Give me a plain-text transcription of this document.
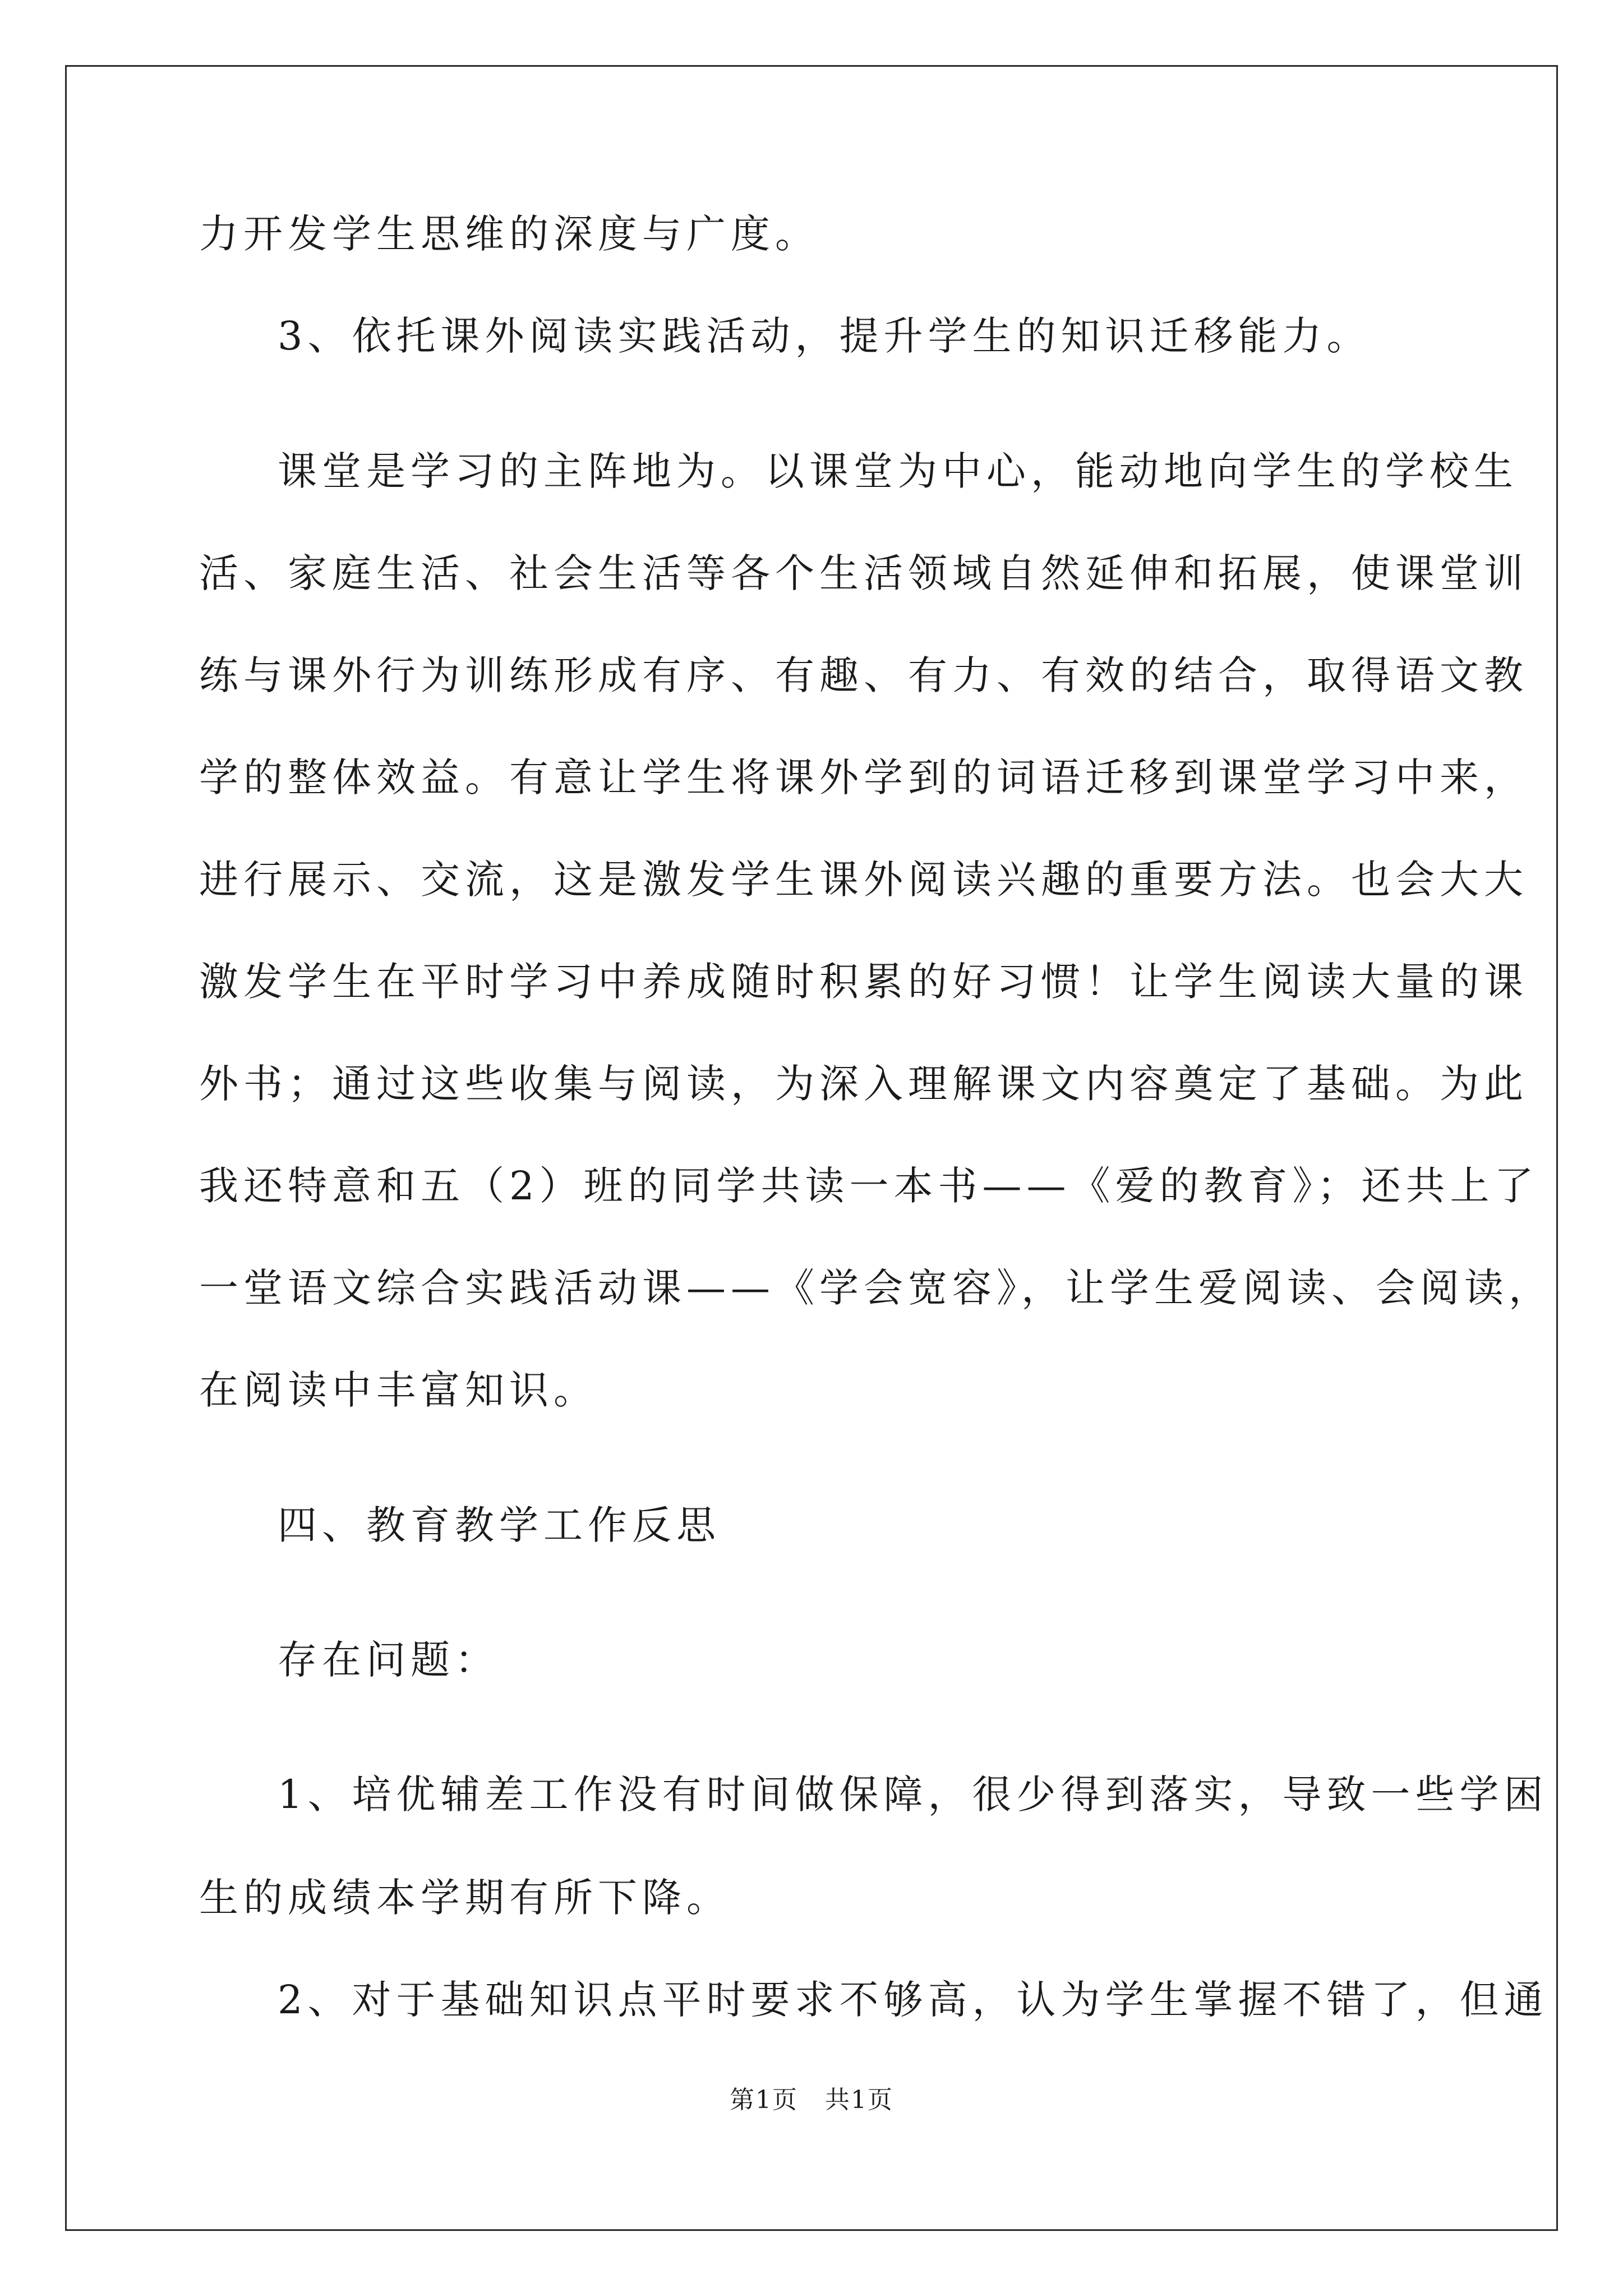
力开发学生思维的深度与广度。
3、依托课外阅读实践活动，提升学生的知识迁移能力。
课堂是学习的主阵地为。以课堂为中心，能动地向学生的学校生
活、家庭生活、社会生活等各个生活领域自然延伸和拓展，使课堂训
练与课外行为训练形成有序、有趣、有力、有效的结合，取得语文教
学的整体效益。有意让学生将课外学到的词语迁移到课堂学习中来，
进行展示、交流，这是激发学生课外阅读兴趣的重要方法。也会大大
激发学生在平时学习中养成随时积累的好习惯！让学生阅读大量的课
外书；通过这些收集与阅读，为深入理解课文内容奠定了基础。为此
我还特意和五（2）班的同学共读一本书——《爱的教育》；还共上了
一堂语文综合实践活动课——《学会宽容》，让学生爱阅读、会阅读，
在阅读中丰富知识。
四、教育教学工作反思
存在问题：
1、培优辅差工作没有时间做保障，很少得到落实，导致一些学困
生的成绩本学期有所下降。
2、对于基础知识点平时要求不够高，认为学生掌握不错了，但通
第1页   共1页
